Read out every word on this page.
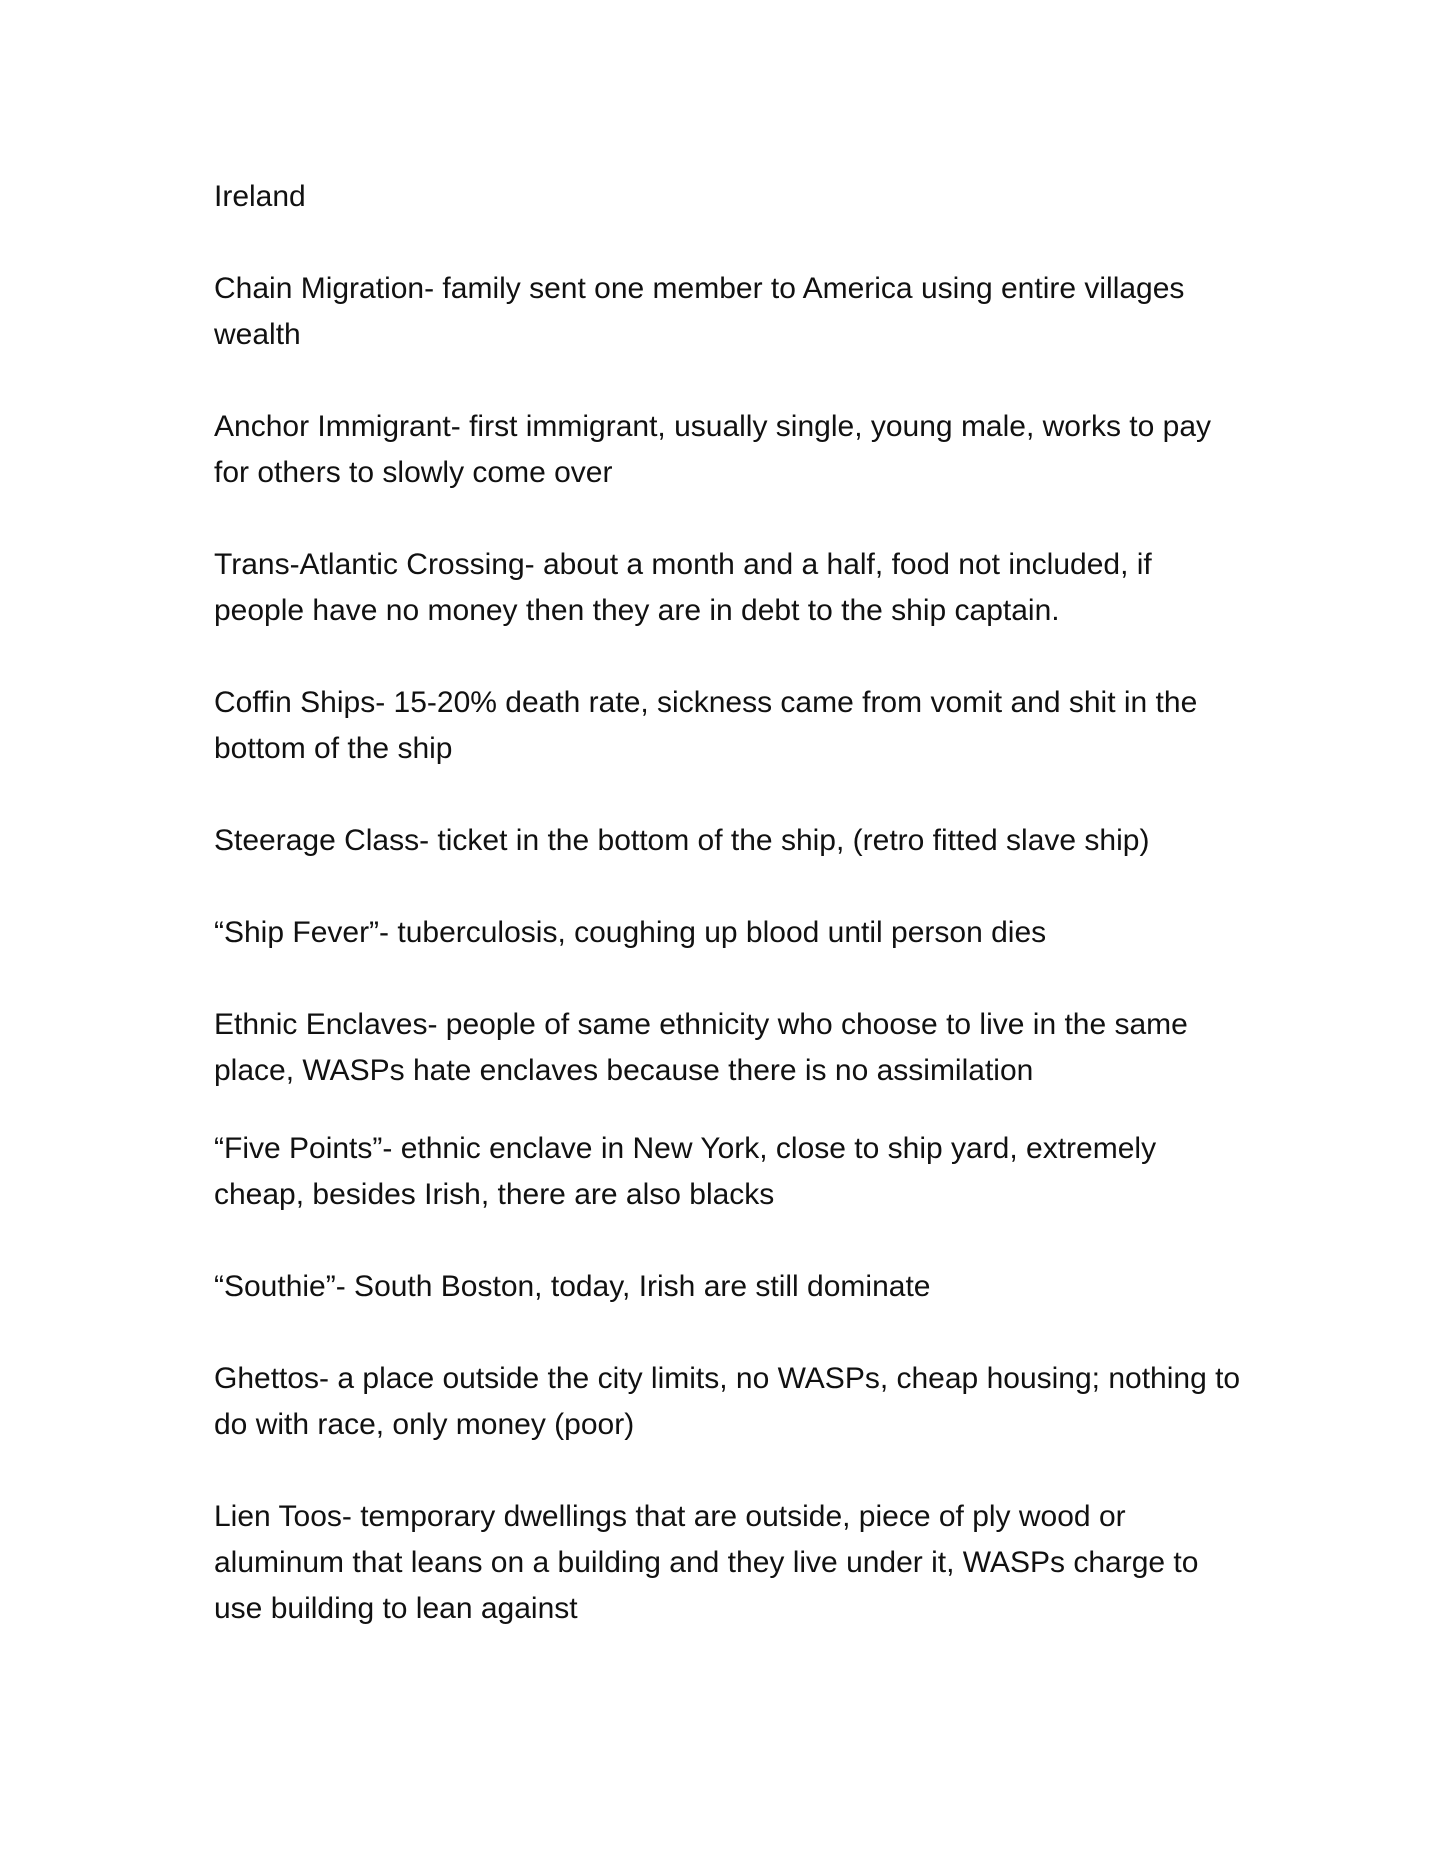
Ireland
Chain Migration- family sent one member to America using entire villages wealth
Anchor Immigrant- first immigrant, usually single, young male, works to pay for others to slowly come over
Trans-Atlantic Crossing- about a month and a half, food not included, if people have no money then they are in debt to the ship captain.
Coffin Ships- 15-20% death rate, sickness came from vomit and shit in the bottom of the ship
Steerage Class- ticket in the bottom of the ship, (retro fitted slave ship)
“Ship Fever”- tuberculosis, coughing up blood until person dies
Ethnic Enclaves- people of same ethnicity who choose to live in the same place, WASPs hate enclaves because there is no assimilation
“Five Points”- ethnic enclave in New York, close to ship yard, extremely cheap, besides Irish, there are also blacks
“Southie”- South Boston, today, Irish are still dominate
Ghettos- a place outside the city limits, no WASPs, cheap housing; nothing to do with race, only money (poor)
Lien Toos- temporary dwellings that are outside, piece of ply wood or aluminum that leans on a building and they live under it, WASPs charge to use building to lean against
